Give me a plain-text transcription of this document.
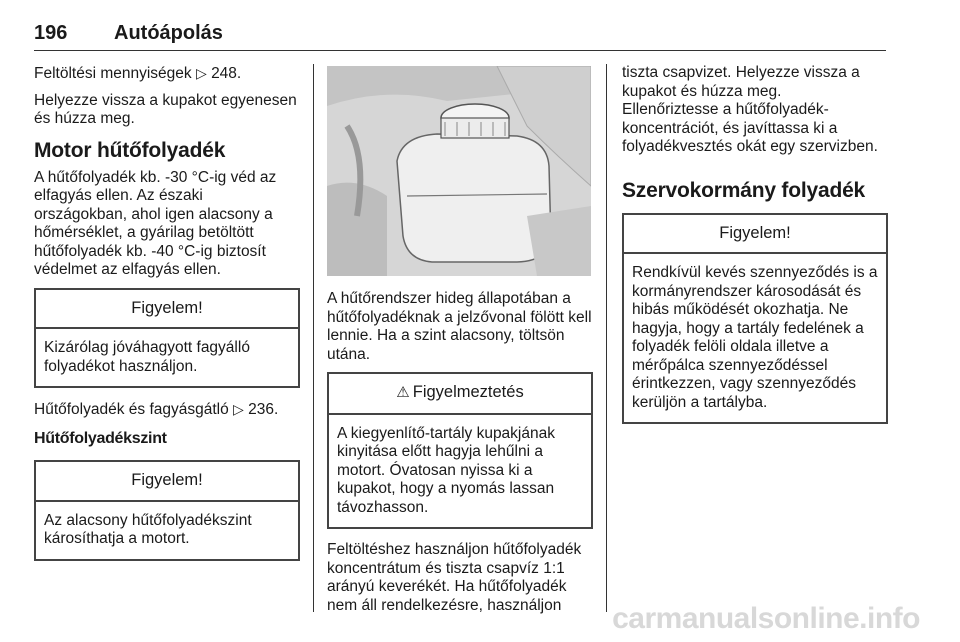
196 Autóápolás

Feltöltési mennyiségek ▷ 248.

Helyezze vissza a kupakot egyenesen és húzza meg.

Motor hűtőfolyadék

A hűtőfolyadék kb. -30 °C-ig véd az elfagyás ellen. Az északi országokban, ahol igen alacsony a hőmérséklet, a gyárilag betöltött hűtőfolyadék kb. -40 °C-ig biztosít védelmet az elfagyás ellen.

Figyelem!
Kizárólag jóváhagyott fagyálló folyadékot használjon.

Hűtőfolyadék és fagyásgátló ▷ 236.

Hűtőfolyadékszint
Figyelem!
Az alacsony hűtőfolyadékszint károsíthatja a motort.

A hűtőrendszer hideg állapotában a hűtőfolyadéknak a jelzővonal fölött kell lennie. Ha a szint alacsony, töltsön utána.

⚠ Figyelmeztetés
A kiegyenlítő-tartály kupakjának kinyitása előtt hagyja lehűlni a motort. Óvatosan nyissa ki a kupakot, hogy a nyomás lassan távozhasson.

Feltöltéshez használjon hűtőfolyadék koncentrátum és tiszta csapvíz 1:1 arányú keverékét. Ha hűtőfolyadék nem áll rendelkezésre, használjon

tiszta csapvizet. Helyezze vissza a kupakot és húzza meg.

Ellenőriztesse a hűtőfolyadék-koncentrációt, és javíttassa ki a folyadékvesztés okát egy szervizben.

Szervokormány folyadék
Figyelem!
Rendkívül kevés szennyeződés is a kormányrendszer károsodását és hibás működését okozhatja. Ne hagyja, hogy a tartály fedelének a folyadék felöli oldala illetve a mérőpálca szennyeződéssel érintkezzen, vagy szennyeződés kerüljön a tartályba.
carmanualsonline.info
